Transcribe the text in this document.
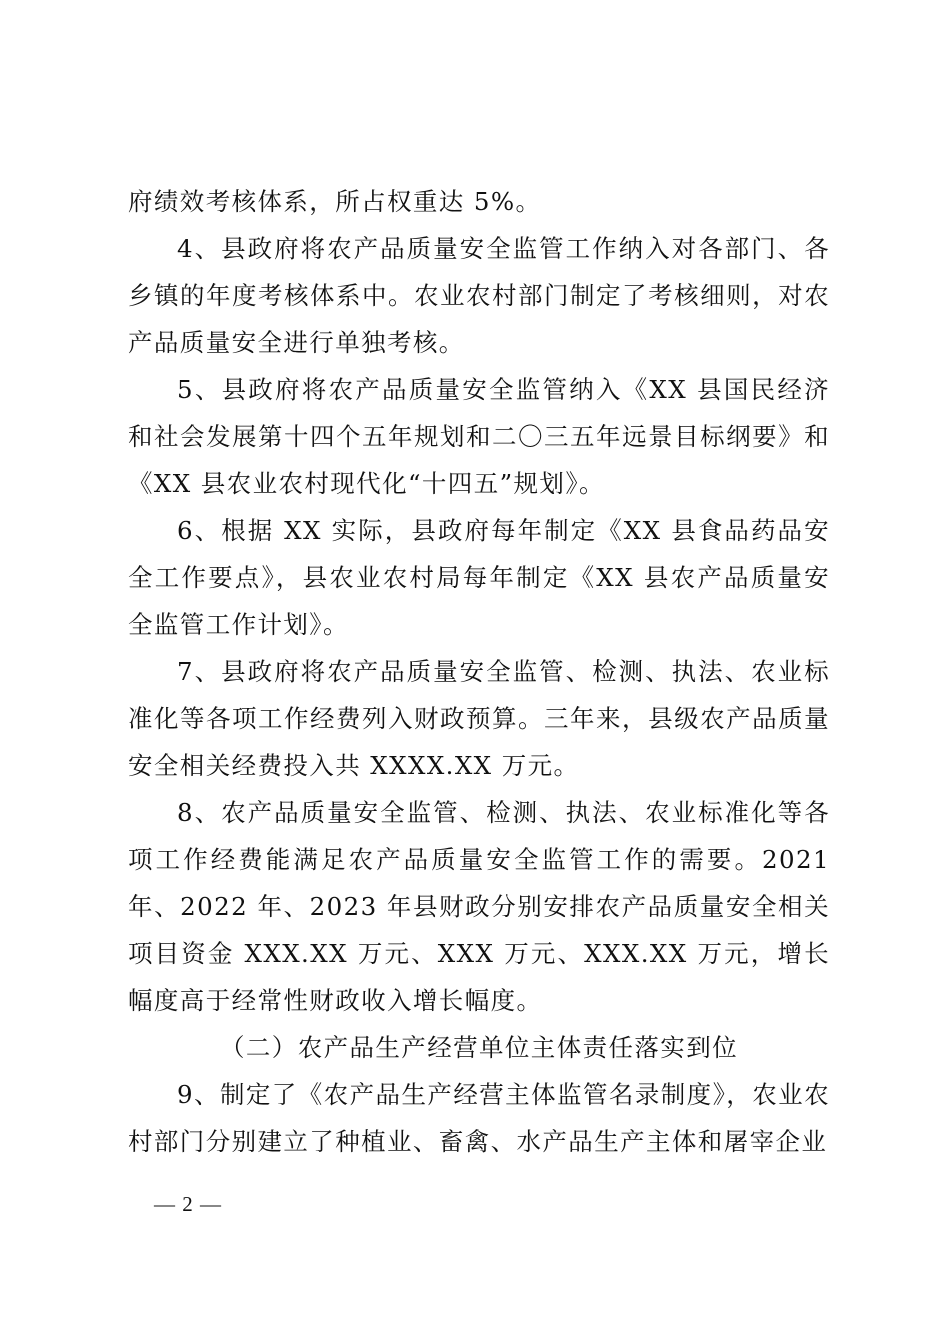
府绩效考核体系，所占权重达 5%。

4、县政府将农产品质量安全监管工作纳入对各部门、各乡镇的年度考核体系中。农业农村部门制定了考核细则，对农产品质量安全进行单独考核。

5、县政府将农产品质量安全监管纳入《XX 县国民经济和社会发展第十四个五年规划和二〇三五年远景目标纲要》和《XX 县农业农村现代化“十四五”规划》。

6、根据 XX 实际，县政府每年制定《XX 县食品药品安全工作要点》，县农业农村局每年制定《XX 县农产品质量安全监管工作计划》。

7、县政府将农产品质量安全监管、检测、执法、农业标准化等各项工作经费列入财政预算。三年来，县级农产品质量安全相关经费投入共 XXXX.XX 万元。

8、农产品质量安全监管、检测、执法、农业标准化等各项工作经费能满足农产品质量安全监管工作的需要。2021 年、2022 年、2023 年县财政分别安排农产品质量安全相关项目资金 XXX.XX 万元、XXX 万元、XXX.XX 万元，增长幅度高于经常性财政收入增长幅度。

（二）农产品生产经营单位主体责任落实到位

9、制定了《农产品生产经营主体监管名录制度》，农业农村部门分别建立了种植业、畜禽、水产品生产主体和屠宰企业

— 2 —
